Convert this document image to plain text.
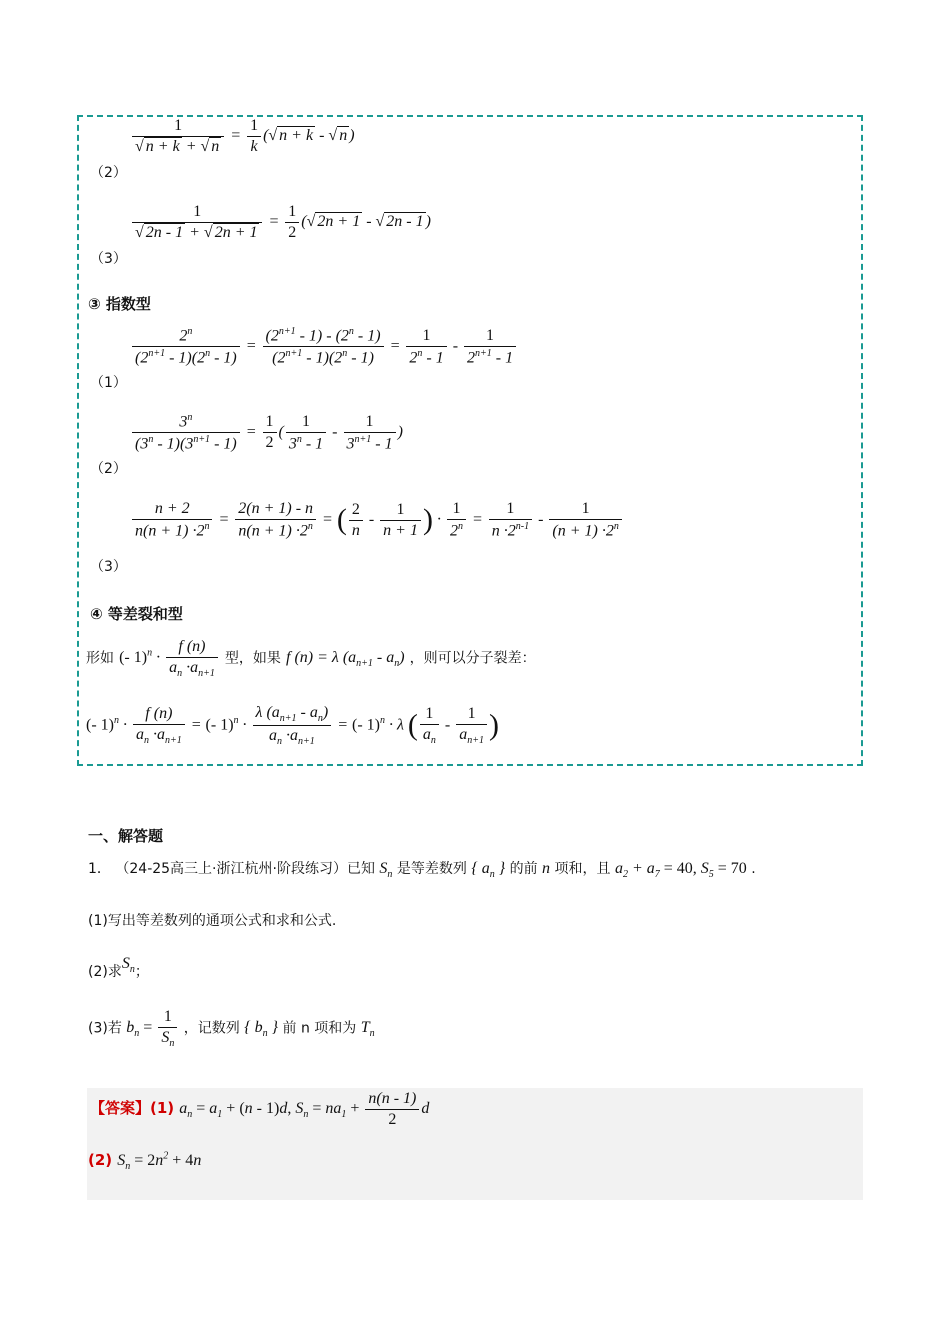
$\frac{1}{√ n + k + √ n} = \frac{1}{k}$ (√ n + k - √ n )
（2）
$\frac{1}{√ 2n - 1 + √ 2n + 1} = \frac{1}{2}$ (√ 2n + 1 - √ 2n - 1 )
（3）
③ 指数型
$\frac{2^n}{(2^{n+1} - 1)(2^n - 1)} = \frac{(2^{n+1} - 1) - (2^n - 1)}{(2^{n+1} - 1)(2^n - 1)} = \frac{1}{2^n - 1} - \frac{1}{2^{n+1} - 1}$
（1）
$\frac{3^n}{(3^n - 1)(3^{n+1} - 1)} = \frac{1}{2}$ ( $\frac{1}{3^n - 1} - \frac{1}{3^{n+1} - 1}$ )
（2）
$\frac{n + 2}{n(n + 1) \cdot 2^n} = \frac{2(n + 1) - n}{n(n + 1) \cdot 2^n}$ = ( $\frac{2}{n} - \frac{1}{n + 1}$ ) · $\frac{1}{2^n} = \frac{1}{n \cdot 2^{n-1}} - \frac{1}{(n + 1) \cdot 2^n}$
（3）
④ 等差裂和型
形如 (- $1)^n \cdot \frac{f (n)}{a_n \cdot a_{n+1}}$ 型，如果 f (n) = λ $(a_{n+1} - a_n)$ ，则可以分子裂差：
(- $1)^n \cdot \frac{f (n)}{a_n \cdot a_{n+1}}$ = (- $1)^n \cdot \frac{\lambda (a_{n+1} - a_n)}{a_n \cdot a_{n+1}}$ = (- 1)$^n$ · λ ( $\frac{1}{a_n} - \frac{1}{a_{n+1}}$ )
一、解答题
1． （24-25高三上·浙江杭州·阶段练习）已知 $S_n$ 是等差数列 { $a_n$ } 的前 n 项和，且 $a_2 + a_7 = 40$, $S_5 = 70$ .
(1)写出等差数列的通项公式和求和公式.
(2)求$S_n$；
(3)若 $b_n = \frac{1}{S_n}$ ，记数列 { $b_n$ } 前 n 项和为 $T_n$
【答案】(1) $a_n = a_1 + (n - 1)d$, $S_n = na_1 + \frac{n(n - 1)}{2}$ d
(2) $S_n = 2n^2 + 4n$
